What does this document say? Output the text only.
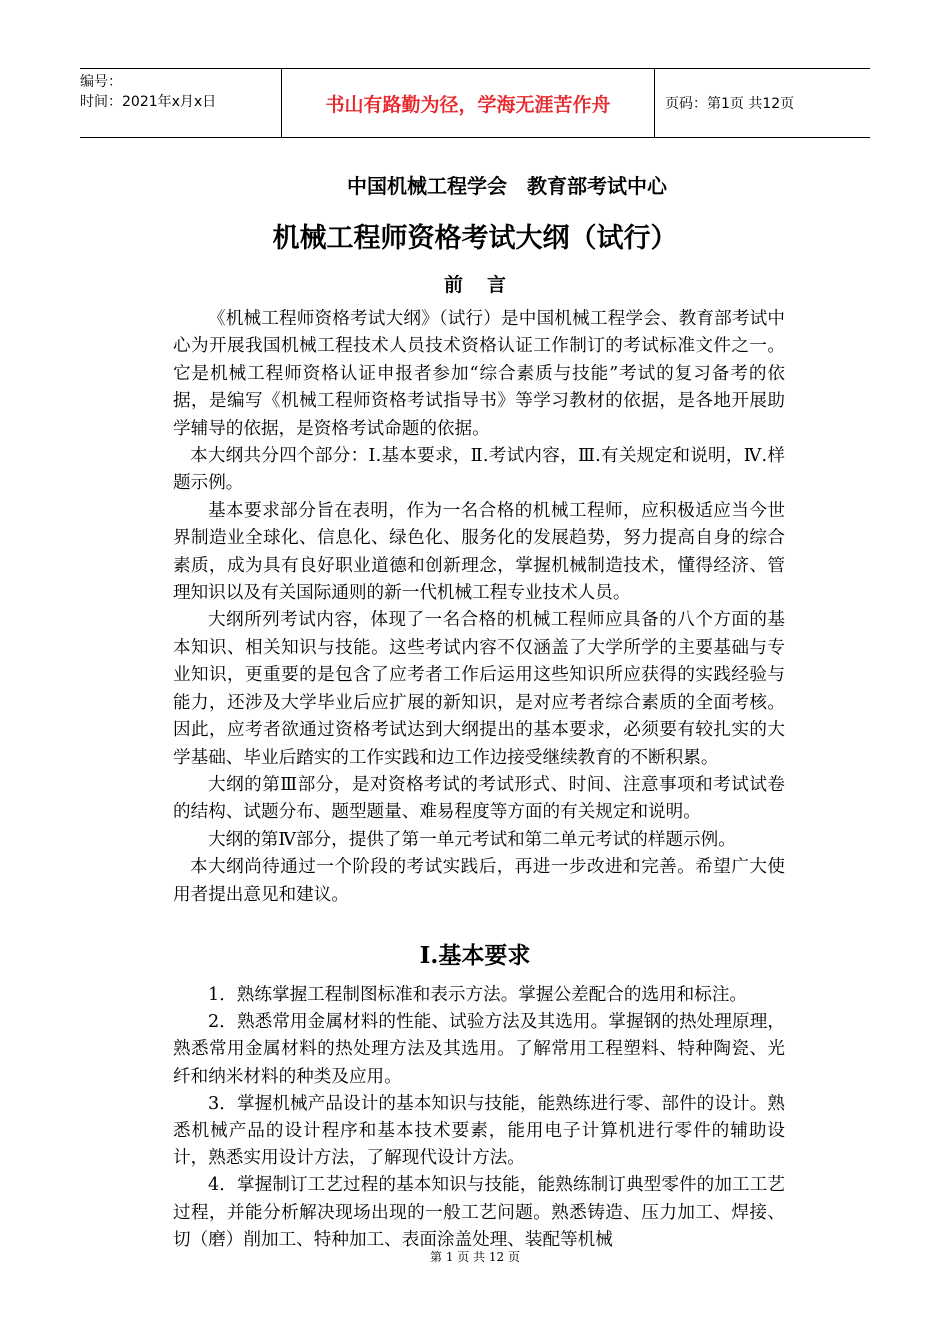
编号：
时间：2021年x月x日	书山有路勤为径，学海无涯苦作舟	页码：第1页 共12页
中国机械工程学会　教育部考试中心
机械工程师资格考试大纲（试行）
前言

《机械工程师资格考试大纲》（试行）是中国机械工程学会、教育部考试中心为开展我国机械工程技术人员技术资格认证工作制订的考试标准文件之一。它是机械工程师资格认证申报者参加“综合素质与技能”考试的复习备考的依据，是编写《机械工程师资格考试指导书》等学习教材的依据，是各地开展助学辅导的依据，是资格考试命题的依据。

本大纲共分四个部分：Ⅰ.基本要求，Ⅱ.考试内容，Ⅲ.有关规定和说明，Ⅳ.样题示例。

基本要求部分旨在表明，作为一名合格的机械工程师，应积极适应当今世界制造业全球化、信息化、绿色化、服务化的发展趋势，努力提高自身的综合素质，成为具有良好职业道德和创新理念，掌握机械制造技术，懂得经济、管理知识以及有关国际通则的新一代机械工程专业技术人员。

大纲所列考试内容，体现了一名合格的机械工程师应具备的八个方面的基本知识、相关知识与技能。这些考试内容不仅涵盖了大学所学的主要基础与专业知识，更重要的是包含了应考者工作后运用这些知识所应获得的实践经验与能力，还涉及大学毕业后应扩展的新知识，是对应考者综合素质的全面考核。因此，应考者欲通过资格考试达到大纲提出的基本要求，必须要有较扎实的大学基础、毕业后踏实的工作实践和边工作边接受继续教育的不断积累。

大纲的第Ⅲ部分，是对资格考试的考试形式、时间、注意事项和考试试卷的结构、试题分布、题型题量、难易程度等方面的有关规定和说明。

大纲的第Ⅳ部分，提供了第一单元考试和第二单元考试的样题示例。

本大纲尚待通过一个阶段的考试实践后，再进一步改进和完善。希望广大使用者提出意见和建议。

Ⅰ.基本要求

1．熟练掌握工程制图标准和表示方法。掌握公差配合的选用和标注。

2．熟悉常用金属材料的性能、试验方法及其选用。掌握钢的热处理原理，熟悉常用金属材料的热处理方法及其选用。了解常用工程塑料、特种陶瓷、光纤和纳米材料的种类及应用。

3．掌握机械产品设计的基本知识与技能，能熟练进行零、部件的设计。熟悉机械产品的设计程序和基本技术要素，能用电子计算机进行零件的辅助设计，熟悉实用设计方法，了解现代设计方法。

4．掌握制订工艺过程的基本知识与技能，能熟练制订典型零件的加工工艺过程，并能分析解决现场出现的一般工艺问题。熟悉铸造、压力加工、焊接、切（磨）削加工、特种加工、表面涂盖处理、装配等机械

第 1 页 共 12 页
